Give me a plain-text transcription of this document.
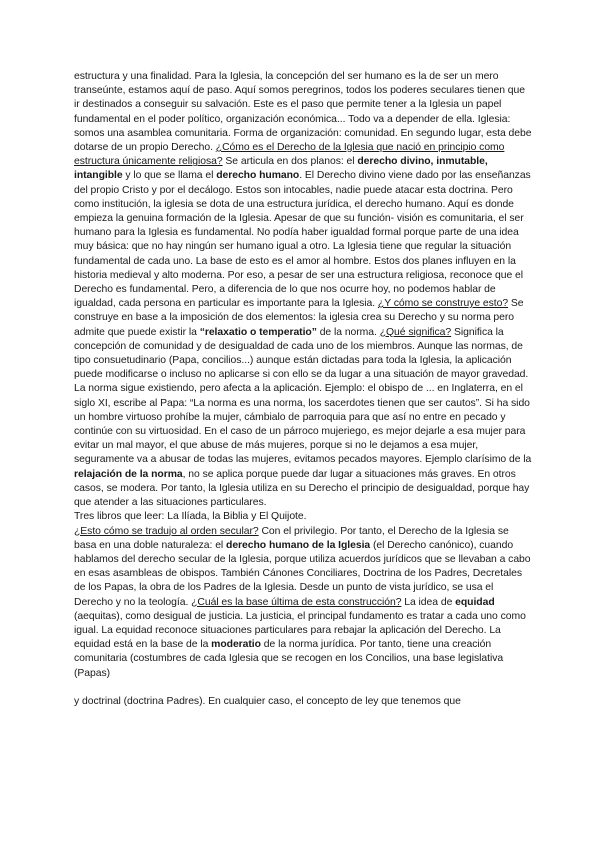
estructura y una finalidad. Para la Iglesia, la concepción del ser humano es la de ser un mero transeúnte, estamos aquí de paso. Aquí somos peregrinos, todos los poderes seculares tienen que ir destinados a conseguir su salvación. Este es el paso que permite tener a la Iglesia un papel fundamental en el poder político, organización económica... Todo va a depender de ella. Iglesia: somos una asamblea comunitaria. Forma de organización: comunidad. En segundo lugar, esta debe dotarse de un propio Derecho. ¿Cómo es el Derecho de la Iglesia que nació en principio como estructura únicamente religiosa? Se articula en dos planos: el derecho divino, inmutable, intangible y lo que se llama el derecho humano. El Derecho divino viene dado por las enseñanzas del propio Cristo y por el decálogo. Estos son intocables, nadie puede atacar esta doctrina. Pero como institución, la iglesia se dota de una estructura jurídica, el derecho humano. Aquí es donde empieza la genuina formación de la Iglesia. Apesar de que su función- visión es comunitaria, el ser humano para la Iglesia es fundamental. No podía haber igualdad formal porque parte de una idea muy básica: que no hay ningún ser humano igual a otro. La Iglesia tiene que regular la situación fundamental de cada uno. La base de esto es el amor al hombre. Estos dos planes influyen en la historia medieval y alto moderna. Por eso, a pesar de ser una estructura religiosa, reconoce que el Derecho es fundamental. Pero, a diferencia de lo que nos ocurre hoy, no podemos hablar de igualdad, cada persona en particular es importante para la Iglesia. ¿Y cómo se construye esto? Se construye en base a la imposición de dos elementos: la iglesia crea su Derecho y su norma pero admite que puede existir la “relaxatio o temperatio” de la norma. ¿Qué significa? Significa la concepción de comunidad y de desigualdad de cada uno de los miembros. Aunque las normas, de tipo consuetudinario (Papa, concilios...) aunque están dictadas para toda la Iglesia, la aplicación puede modificarse o incluso no aplicarse si con ello se da lugar a una situación de mayor gravedad. La norma sigue existiendo, pero afecta a la aplicación. Ejemplo: el obispo de ... en Inglaterra, en el siglo XI, escribe al Papa: “La norma es una norma, los sacerdotes tienen que ser cautos”. Si ha sido un hombre virtuoso prohíbe la mujer, cámbialo de parroquia para que así no entre en pecado y continúe con su virtuosidad. En el caso de un párroco mujeriego, es mejor dejarle a esa mujer para evitar un mal mayor, el que abuse de más mujeres, porque si no le dejamos a esa mujer, seguramente va a abusar de todas las mujeres, evitamos pecados mayores. Ejemplo clarísimo de la relajación de la norma, no se aplica porque puede dar lugar a situaciones más graves. En otros casos, se modera. Por tanto, la Iglesia utiliza en su Derecho el principio de desigualdad, porque hay que atender a las situaciones particulares.

Tres libros que leer: La Ilíada, la Biblia y El Quijote.

¿Esto cómo se tradujo al orden secular? Con el privilegio. Por tanto, el Derecho de la Iglesia se basa en una doble naturaleza: el derecho humano de la Iglesia (el Derecho canónico), cuando hablamos del derecho secular de la Iglesia, porque utiliza acuerdos jurídicos que se llevaban a cabo en esas asambleas de obispos. También Cánones Conciliares, Doctrina de los Padres, Decretales de los Papas, la obra de los Padres de la Iglesia. Desde un punto de vista jurídico, se usa el Derecho y no la teología. ¿Cuál es la base última de esta construcción? La idea de equidad (aequitas), como desigual de justicia. La justicia, el principal fundamento es tratar a cada uno como igual. La equidad reconoce situaciones particulares para rebajar la aplicación del Derecho. La equidad está en la base de la moderatio de la norma jurídica. Por tanto, tiene una creación comunitaria (costumbres de cada Iglesia que se recogen en los Concilios, una base legislativa (Papas)

y doctrinal (doctrina Padres). En cualquier caso, el concepto de ley que tenemos que
